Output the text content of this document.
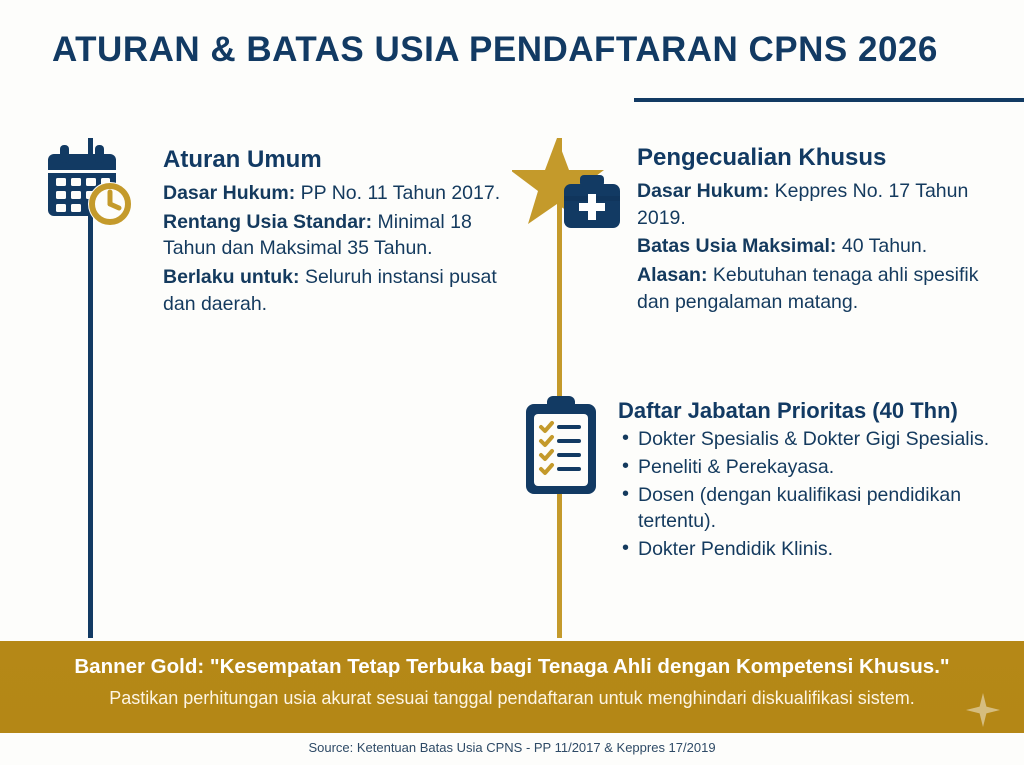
ATURAN & BATAS USIA PENDAFTARAN CPNS 2026
Aturan Umum

Dasar Hukum: PP No. 11 Tahun 2017.

Rentang Usia Standar: Minimal 18 Tahun dan Maksimal 35 Tahun.

Berlaku untuk: Seluruh instansi pusat dan daerah.

Pengecualian Khusus

Dasar Hukum: Keppres No. 17 Tahun 2019.

Batas Usia Maksimal: 40 Tahun.

Alasan: Kebutuhan tenaga ahli spesifik dan pengalaman matang.

Daftar Jabatan Prioritas (40 Thn)
• Dokter Spesialis & Dokter Gigi Spesialis.
• Peneliti & Perekayasa.
• Dosen (dengan kualifikasi pendidikan tertentu).
• Dokter Pendidik Klinis.
Banner Gold: "Kesempatan Tetap Terbuka bagi Tenaga Ahli dengan Kompetensi Khusus."
Pastikan perhitungan usia akurat sesuai tanggal pendaftaran untuk menghindari diskualifikasi sistem.
Source: Ketentuan Batas Usia CPNS - PP 11/2017 & Keppres 17/2019
